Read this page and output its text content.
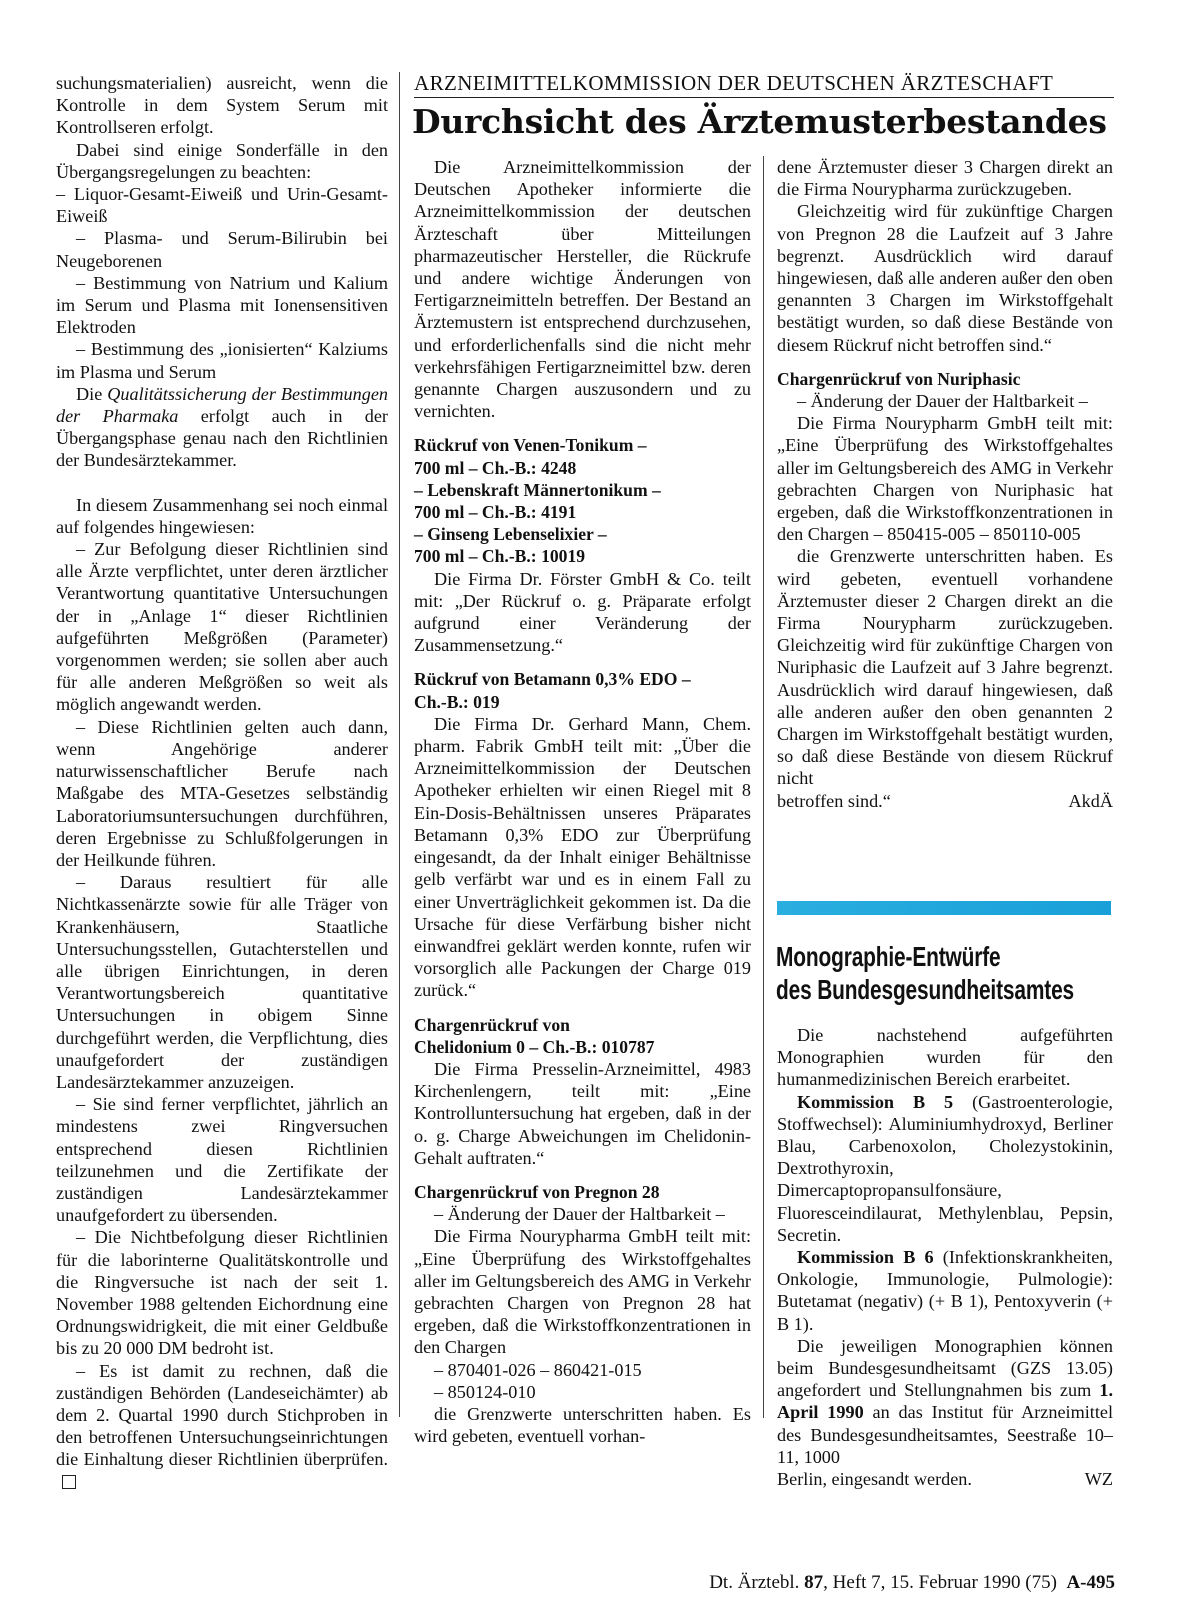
suchungsmaterialien) ausreicht, wenn die Kontrolle in dem System Serum mit Kontrollseren erfolgt.

Dabei sind einige Sonderfälle in den Übergangsregelungen zu beachten:

– Liquor-Gesamt-Eiweiß und Urin-Gesamt-Eiweiß

– Plasma- und Serum-Bilirubin bei Neugeborenen

– Bestimmung von Natrium und Kalium im Serum und Plasma mit Ionensensitiven Elektroden

– Bestimmung des „ionisierten“ Kalziums im Plasma und Serum

Die Qualitätssicherung der Bestimmungen der Pharmaka erfolgt auch in der Übergangsphase genau nach den Richtlinien der Bundesärztekammer.

In diesem Zusammenhang sei noch einmal auf folgendes hingewiesen:

– Zur Befolgung dieser Richtlinien sind alle Ärzte verpflichtet, unter deren ärztlicher Verantwortung quantitative Untersuchungen der in „Anlage 1“ dieser Richtlinien aufgeführten Meßgrößen (Parameter) vorgenommen werden; sie sollen aber auch für alle anderen Meßgrößen so weit als möglich angewandt werden.

– Diese Richtlinien gelten auch dann, wenn Angehörige anderer naturwissenschaftlicher Berufe nach Maßgabe des MTA-Gesetzes selbständig Laboratoriumsuntersuchungen durchführen, deren Ergebnisse zu Schlußfolgerungen in der Heilkunde führen.

– Daraus resultiert für alle Nichtkassenärzte sowie für alle Träger von Krankenhäusern, Staatliche Untersuchungsstellen, Gutachterstellen und alle übrigen Einrichtungen, in deren Verantwortungsbereich quantitative Untersuchungen in obigem Sinne durchgeführt werden, die Verpflichtung, dies unaufgefordert der zuständigen Landesärztekammer anzuzeigen.

– Sie sind ferner verpflichtet, jährlich an mindestens zwei Ringversuchen entsprechend diesen Richtlinien teilzunehmen und die Zertifikate der zuständigen Landesärztekammer unaufgefordert zu übersenden.

– Die Nichtbefolgung dieser Richtlinien für die laborinterne Qualitätskontrolle und die Ringversuche ist nach der seit 1. November 1988 geltenden Eichordnung eine Ordnungswidrigkeit, die mit einer Geldbuße bis zu 20 000 DM bedroht ist.

– Es ist damit zu rechnen, daß die zuständigen Behörden (Landeseichämter) ab dem 2. Quartal 1990 durch Stichproben in den betroffenen Untersuchungseinrichtungen die Einhaltung dieser Richtlinien überprüfen.

ARZNEIMITTELKOMMISSION DER DEUTSCHEN ÄRZTESCHAFT
Durchsicht des Ärztemusterbestandes

Die Arzneimittelkommission der Deutschen Apotheker informierte die Arzneimittelkommission der deutschen Ärzteschaft über Mitteilungen pharmazeutischer Hersteller, die Rückrufe und andere wichtige Änderungen von Fertigarzneimitteln betreffen. Der Bestand an Ärztemustern ist entsprechend durchzusehen, und erforderlichenfalls sind die nicht mehr verkehrsfähigen Fertigarzneimittel bzw. deren genannte Chargen auszusondern und zu vernichten.

Rückruf von Venen-Tonikum –
700 ml – Ch.-B.: 4248
– Lebenskraft Männertonikum –
700 ml – Ch.-B.: 4191
– Ginseng Lebenselixier –
700 ml – Ch.-B.: 10019

Die Firma Dr. Förster GmbH & Co. teilt mit: „Der Rückruf o. g. Präparate erfolgt aufgrund einer Veränderung der Zusammensetzung.“

Rückruf von Betamann 0,3% EDO –
Ch.-B.: 019

Die Firma Dr. Gerhard Mann, Chem. pharm. Fabrik GmbH teilt mit: „Über die Arzneimittelkommission der Deutschen Apotheker erhielten wir einen Riegel mit 8 Ein-Dosis-Behältnissen unseres Präparates Betamann 0,3% EDO zur Überprüfung eingesandt, da der Inhalt einiger Behältnisse gelb verfärbt war und es in einem Fall zu einer Unverträglichkeit gekommen ist. Da die Ursache für diese Verfärbung bisher nicht einwandfrei geklärt werden konnte, rufen wir vorsorglich alle Packungen der Charge 019 zurück.“

Chargenrückruf von
Chelidonium 0 – Ch.-B.: 010787

Die Firma Presselin-Arzneimittel, 4983 Kirchenlengern, teilt mit: „Eine Kontrolluntersuchung hat ergeben, daß in der o. g. Charge Abweichungen im Chelidonin-Gehalt auftraten.“

Chargenrückruf von Pregnon 28

– Änderung der Dauer der Haltbarkeit –

Die Firma Nourypharma GmbH teilt mit: „Eine Überprüfung des Wirkstoffgehaltes aller im Geltungsbereich des AMG in Verkehr gebrachten Chargen von Pregnon 28 hat ergeben, daß die Wirkstoffkonzentrationen in den Chargen

– 870401-026 – 860421-015

– 850124-010

die Grenzwerte unterschritten haben. Es wird gebeten, eventuell vorhan-

dene Ärztemuster dieser 3 Chargen direkt an die Firma Nourypharma zurückzugeben.

Gleichzeitig wird für zukünftige Chargen von Pregnon 28 die Laufzeit auf 3 Jahre begrenzt. Ausdrücklich wird darauf hingewiesen, daß alle anderen außer den oben genannten 3 Chargen im Wirkstoffgehalt bestätigt wurden, so daß diese Bestände von diesem Rückruf nicht betroffen sind.“

Chargenrückruf von Nuriphasic

– Änderung der Dauer der Haltbarkeit –

Die Firma Nourypharm GmbH teilt mit: „Eine Überprüfung des Wirkstoffgehaltes aller im Geltungsbereich des AMG in Verkehr gebrachten Chargen von Nuriphasic hat ergeben, daß die Wirkstoffkonzentrationen in den Chargen – 850415-005 – 850110-005

die Grenzwerte unterschritten haben. Es wird gebeten, eventuell vorhandene Ärztemuster dieser 2 Chargen direkt an die Firma Nourypharm zurückzugeben. Gleichzeitig wird für zukünftige Chargen von Nuriphasic die Laufzeit auf 3 Jahre begrenzt. Ausdrücklich wird darauf hingewiesen, daß alle anderen außer den oben genannten 2 Chargen im Wirkstoffgehalt bestätigt wurden, so daß diese Bestände von diesem Rückruf nicht

betroffen sind.“	AkdÄ
Monographie-Entwürfe
des Bundesgesundheitsamtes

Die nachstehend aufgeführten Monographien wurden für den humanmedizinischen Bereich erarbeitet.

Kommission B 5 (Gastroenterologie, Stoffwechsel): Aluminiumhydroxyd, Berliner Blau, Carbenoxolon, Cholezystokinin, Dextrothyroxin, Dimercaptopropansulfonsäure, Fluoresceindilaurat, Methylenblau, Pepsin, Secretin.

Kommission B 6 (Infektionskrankheiten, Onkologie, Immunologie, Pulmologie): Butetamat (negativ) (+ B 1), Pentoxyverin (+ B 1).

Die jeweiligen Monographien können beim Bundesgesundheitsamt (GZS 13.05) angefordert und Stellungnahmen bis zum 1. April 1990 an das Institut für Arzneimittel des Bundesgesundheitsamtes, Seestraße 10–11, 1000

Berlin, eingesandt werden.	WZ
Dt. Ärztebl. 87, Heft 7, 15. Februar 1990 (75) A-495
